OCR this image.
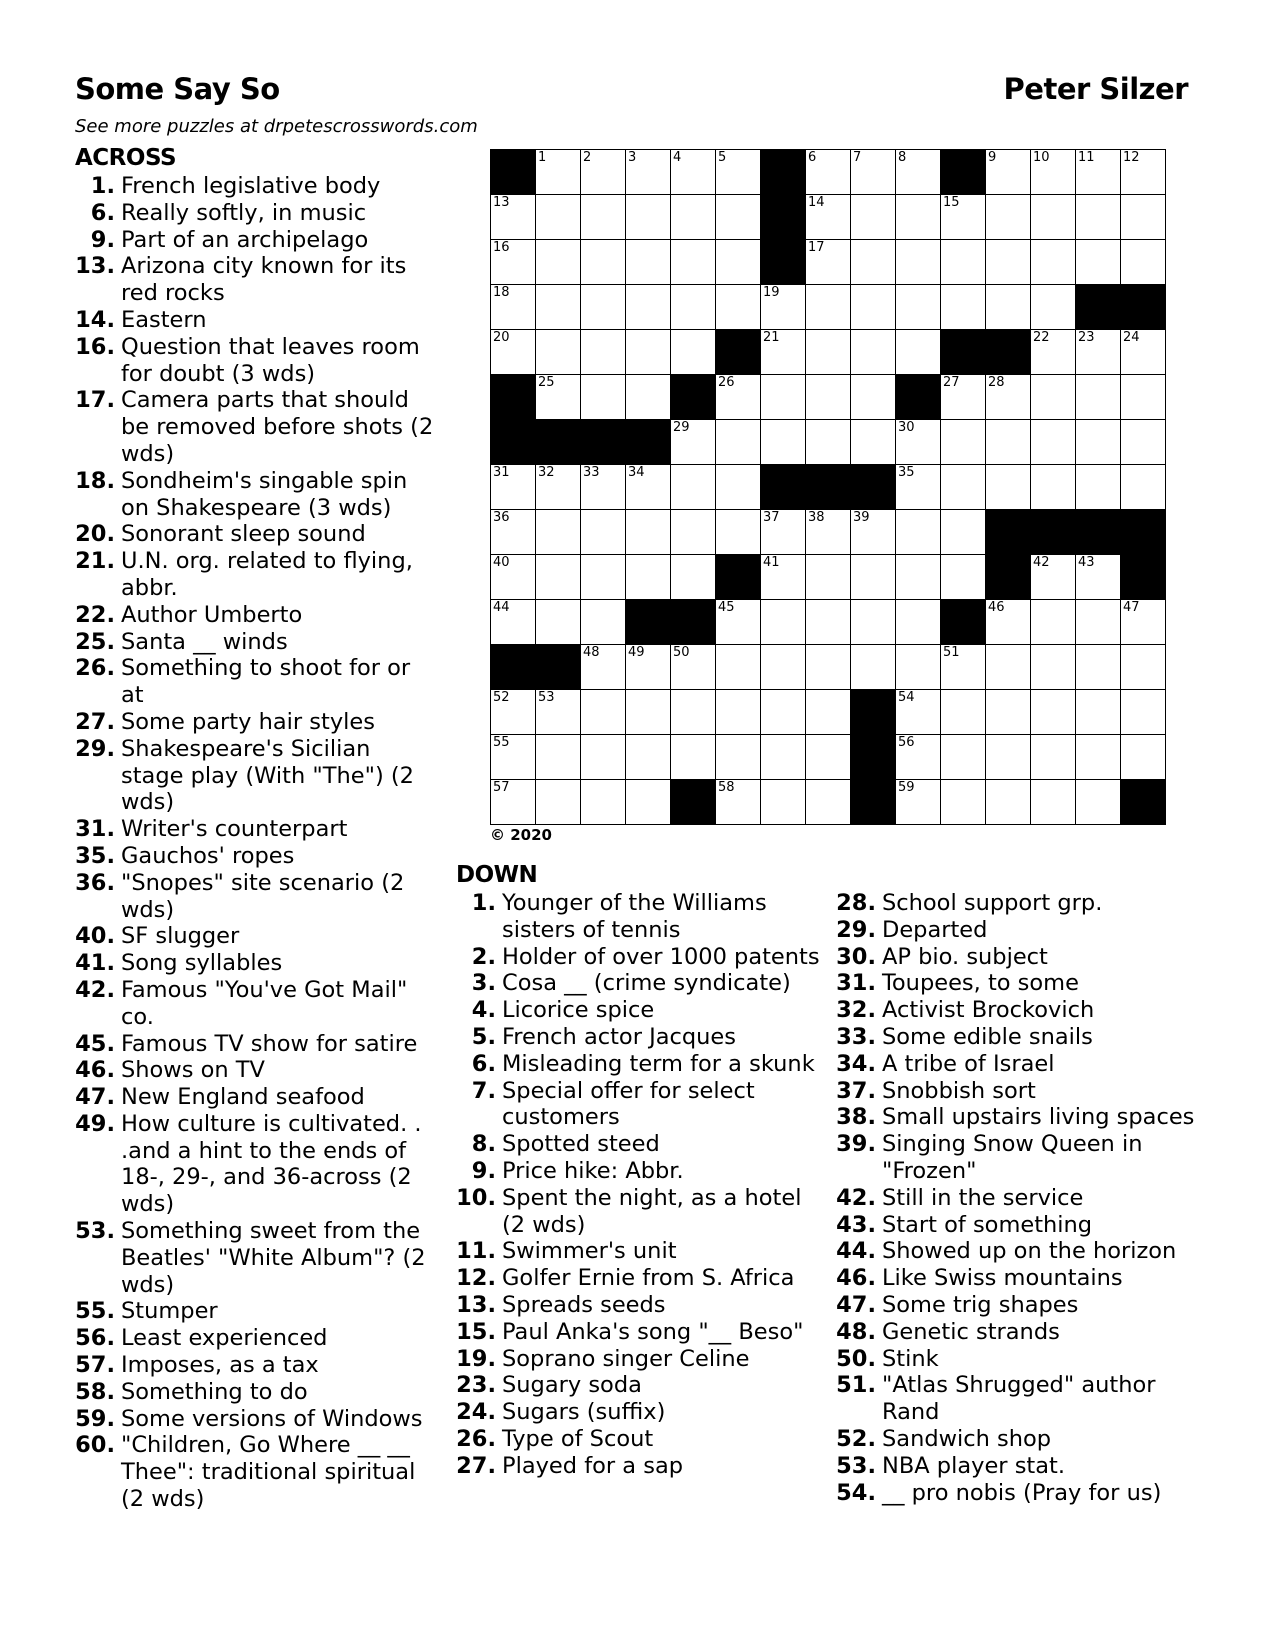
Some Say So	Peter Silzer
See more puzzles at drpetescrosswords.com
ACROSS
1. French legislative body
6. Really softly, in music
9. Part of an archipelago
13. Arizona city known for its red rocks
14. Eastern
16. Question that leaves room for doubt (3 wds)
17. Camera parts that should be removed before shots (2 wds)
18. Sondheim's singable spin on Shakespeare (3 wds)
20. Sonorant sleep sound
21. U.N. org. related to flying, abbr.
22. Author Umberto
25. Santa __ winds
26. Something to shoot for or at
27. Some party hair styles
29. Shakespeare's Sicilian stage play (With "The") (2 wds)
31. Writer's counterpart
35. Gauchos' ropes
36. "Snopes" site scenario (2 wds)
40. SF slugger
41. Song syllables
42. Famous "You've Got Mail" co.
45. Famous TV show for satire
46. Shows on TV
47. New England seafood
49. How culture is cultivated. . .and a hint to the ends of 18-, 29-, and 36-across (2 wds)
53. Something sweet from the Beatles' "White Album"? (2 wds)
55. Stumper
56. Least experienced
57. Imposes, as a tax
58. Something to do
59. Some versions of Windows
60. "Children, Go Where __ __ Thee": traditional spiritual (2 wds)
1	2	3	4	5	6	7	8	9	10 11 12
13	14	15
16	17
18	19
20	21	22 23 24
25	26	27 28
29	30
31 32 33 34	35
36	37 38 39
40	41	42 43
44	45	46	47
48 49 50	51
52 53	54
55	56
57	58	59
© 2020
DOWN
1. Younger of the Williams sisters of tennis
2. Holder of over 1000 patents
3. Cosa __ (crime syndicate)
4. Licorice spice
5. French actor Jacques
6. Misleading term for a skunk
7. Special offer for select customers
8. Spotted steed
9. Price hike: Abbr.
10. Spent the night, as a hotel (2 wds)
11. Swimmer's unit
12. Golfer Ernie from S. Africa
13. Spreads seeds
15. Paul Anka's song "__ Beso"
19. Soprano singer Celine
23. Sugary soda
24. Sugars (suffix)
26. Type of Scout
27. Played for a sap
28. School support grp.
29. Departed
30. AP bio. subject
31. Toupees, to some
32. Activist Brockovich
33. Some edible snails
34. A tribe of Israel
37. Snobbish sort
38. Small upstairs living spaces
39. Singing Snow Queen in "Frozen"
42. Still in the service
43. Start of something
44. Showed up on the horizon
46. Like Swiss mountains
47. Some trig shapes
48. Genetic strands
50. Stink
51. "Atlas Shrugged" author Rand
52. Sandwich shop
53. NBA player stat.
54. __ pro nobis (Pray for us)
